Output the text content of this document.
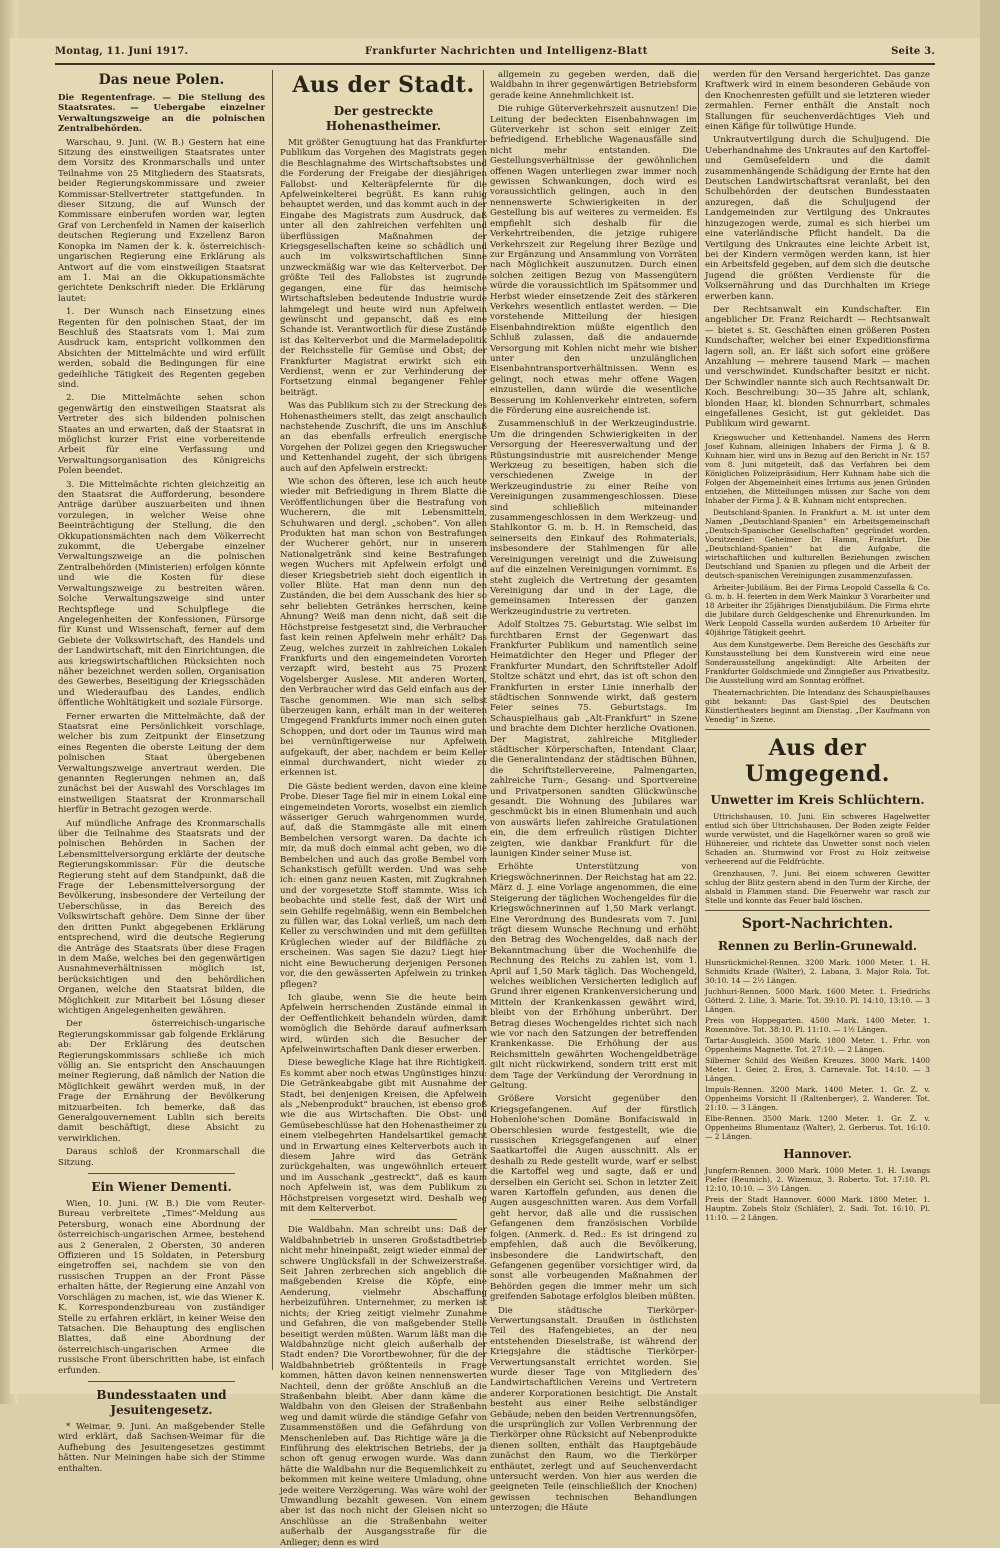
Montag, 11. Juni 1917.	Frankfurter Nachrichten und Intelligenz-Blatt	Seite 3.
Das neue Polen.
Die Regentenfrage. — Die Stellung des Staatsrates. — Uebergabe einzelner Verwaltungszweige an die polnischen Zentralbehörden.

Warschau, 9. Juni. (W. B.) Gestern hat eine Sitzung des einstweiligen Staatsrates unter dem Vorsitz des Kronmarschalls und unter Teilnahme von 25 Mitgliedern des Staatsrats, beider Regierungskommissare und zweier Kommissar-Stellvertreter stattgefunden. In dieser Sitzung, die auf Wunsch der Kommissare einberufen worden war, legten Graf von Lerchenfeld in Namen der kaiserlich deutschen Regierung und Exzellenz Baron Konopka im Namen der k. k. österreichisch-ungarischen Regierung eine Erklärung als Antwort auf die vom einstweiligen Staatsrat am 1. Mai an die Okkupationsmächte gerichtete Denkschrift nieder. Die Erklärung lautet:

1. Der Wunsch nach Einsetzung eines Regenten für den polnischen Staat, der im Beschluß des Staatsrats vom 1. Mai zum Ausdruck kam, entspricht vollkommen den Absichten der Mittelmächte und wird erfüllt werden, sobald die Bedingungen für eine gedeihliche Tätigkeit des Regenten gegeben sind.

2. Die Mittelmächte sehen schon gegenwärtig den einstweiligen Staatsrat als Vertreter des sich bildenden polnischen Staates an und erwarten, daß der Staatsrat in möglichst kurzer Frist eine vorbereitende Arbeit für eine Verfassung und Verwaltungsorganisation des Königreichs Polen beendet.

3. Die Mittelmächte richten gleichzeitig an den Staatsrat die Aufforderung, besondere Anträge darüber auszuarbeiten und ihnen vorzulegen, in welcher Weise ohne Beeinträchtigung der Stellung, die den Okkupationsmächten nach dem Völkerrecht zukommt, die Uebergabe einzelner Verwaltungszweige an die polnischen Zentralbehörden (Ministerien) erfolgen könnte und wie die Kosten für diese Verwaltungszweige zu bestreiten wären. Solche Verwaltungszweige sind unter Rechtspflege und Schulpflege die Angelegenheiten der Konfessionen, Fürsorge für Kunst und Wissenschaft, ferner auf dem Gebiete der Volkswirtschaft, des Handels und der Landwirtschaft, mit den Einrichtungen, die aus kriegswirtschaftlichen Rücksichten noch näher bezeichnet werden sollen, Organisation des Gewerbes, Beseitigung der Kriegsschäden und Wiederaufbau des Landes, endlich öffentliche Wohltätigkeit und soziale Fürsorge.

Ferner erwarten die Mittelmächte, daß der Staatsrat eine Persönlichkeit vorschlage, welcher bis zum Zeitpunkt der Einsetzung eines Regenten die oberste Leitung der dem polnischen Staat übergebenen Verwaltungszweige anvertraut werden. Die genannten Regierungen nehmen an, daß zunächst bei der Auswahl des Vorschlages im einstweiligen Staatsrat der Kronmarschall hierfür in Betracht gezogen werde.

Auf mündliche Anfrage des Kronmarschalls über die Teilnahme des Staatsrats und der polnischen Behörden in Sachen der Lebensmittelversorgung erklärte der deutsche Regierungskommissar: Für die deutsche Regierung steht auf dem Standpunkt, daß die Frage der Lebensmittelversorgung der Bevölkerung, insbesondere der Verteilung der Ueberschüsse, in das Bereich des Volkswirtschaft gehöre. Dem Sinne der über den dritten Punkt abgegebenen Erklärung entsprechend, wird die deutsche Regierung die Anträge des Staatsrats über diese Fragen in dem Maße, welches bei den gegenwärtigen Ausnahmeverhältnissen möglich ist, berücksichtigen und den behördlichen Organen, welche den Staatsrat bilden, die Möglichkeit zur Mitarbeit bei Lösung dieser wichtigen Angelegenheiten gewähren.

Der österreichisch-ungarische Regierungskommissar gab folgende Erklärung ab: Der Erklärung des deutschen Regierungskommissars schließe ich mich völlig an. Sie entspricht den Anschauungen meiner Regierung, daß nämlich der Nation die Möglichkeit gewährt werden muß, in der Frage der Ernährung der Bevölkerung mitzuarbeiten. Ich bemerke, daß das Generalgouvernement Lublin sich bereits damit beschäftigt, diese Absicht zu verwirklichen.

Daraus schloß der Kronmarschall die Sitzung.

Ein Wiener Dementi.

Wien, 10. Juni. (W. B.) Die vom Reuter-Bureau verbreitete „Times“-Meldung aus Petersburg, wonach eine Abordnung der österreichisch-ungarischen Armee, bestehend aus 2 Generalen, 2 Obersten, 30 anderen Offizieren und 15 Soldaten, in Petersburg eingetroffen sei, nachdem sie von den russischen Truppen an der Front Pässe erhalten hätte, der Regierung eine Anzahl von Vorschlägen zu machen, ist, wie das Wiener K. K. Korrespondenzbureau von zuständiger Stelle zu erfahren erklärt, in keiner Weise den Tatsachen. Die Behauptung des englischen Blattes, daß eine Abordnung der österreichisch-ungarischen Armee die russische Front überschritten habe, ist einfach erfunden.

Bundesstaaten und Jesuitengesetz.

* Weimar, 9. Juni. An maßgebender Stelle wird erklärt, daß Sachsen-Weimar für die Aufhebung des Jesuitengesetzes gestimmt hätten. Nur Meiningen habe sich der Stimme enthalten.

Aus der Stadt.
Der gestreckte Hohenastheimer.

Mit größter Genugtuung hat das Frankfurter Publikum das Vorgehen des Magistrats gegen die Beschlagnahme des Wirtschaftsobstes und die Forderung der Freigabe der diesjährigen Fallobst- und Kelteräpfelernte für die Apfelweinkelterei begrüßt. Es kann ruhig behauptet werden, und das kommt auch in der Eingabe des Magistrats zum Ausdruck, daß unter all den zahlreichen verfehlten und überflüssigen Maßnahmen der Kriegsgesellschaften keine so schädlich und auch im volkswirtschaftlichen Sinne unzweckmäßig war wie das Kelterverbot. Der größte Teil des Fallobstes ist zugrunde gegangen, eine für das heimische Wirtschaftsleben bedeutende Industrie wurde lahmgelegt und heute wird nun Apfelwein gewünscht und gepanscht, daß es eine Schande ist. Verantwortlich für diese Zustände ist das Kelterverbot und die Marmeladepolitik der Reichsstelle für Gemüse und Obst; der Frankfurter Magistrat erwirkt sich ein Verdienst, wenn er zur Verhinderung der Fortsetzung einmal begangener Fehler beiträgt.

Was das Publikum sich zu der Streckung des Hohenastheimers stellt, das zeigt anschaulich nachstehende Zuschrift, die uns im Anschluß an das ebenfalls erfreulich energische Vorgehen der Polizei gegen den Kriegswucher und Kettenhandel zugeht, der sich übrigens auch auf den Apfelwein erstreckt:

Wie schon des öfteren, lese ich auch heute wieder mit Befriedigung in Ihrem Blatte die Veröffentlichungen über die Bestrafung von Wucherern, die mit Lebensmitteln, Schuhwaren und dergl. „schoben“. Von allen Produkten hat man schon von Bestrafungen der Wucherer gehört, nur in unserem Nationalgetränk sind keine Bestrafungen wegen Wuchers mit Apfelwein erfolgt und dieser Kriegsbetrieb sieht doch eigentlich in voller Blüte. Hat man denn nun den Zuständen, die bei dem Ausschank des hier so sehr beliebten Getränkes herrschen, keine Ahnung? Weiß man denn nicht, daß seit die Höchstpreise festgesetzt sind, die Verbraucher fast kein reinen Apfelwein mehr erhält? Das Zeug, welches zurzeit in zahlreichen Lokalen Frankfurts und den eingemeindeten Vororten verzapft wird, besteht aus 75 Prozent Vogelsberger Auslese. Mit anderen Worten, den Verbraucher wird das Geld einfach aus der Tasche genommen. Wie man sich selbst überzeugen kann, erhält man in der weiteren Umgegend Frankfurts immer noch einen guten Schoppen, und dort oder im Taunus wird man bei vernünftigerweise nur Apfelwein aufgekauft, der aber, nachdem er beim Keller einmal durchwandert, nicht wieder zu erkennen ist.

Die Gäste bedient werden, davon eine kleine Probe. Dieser Tage fiel mir in einem Lokal eine eingemeindeten Vororts, woselbst ein ziemlich wässeriger Geruch wahrgenommen wurde, auf, daß die Stammgäste alle mit einem Bembelchen versorgt waren. Da dachte ich mir, da muß doch einmal acht geben, wo die Bembelchen und auch das große Bembel vom Schankstisch gefüllt werden. Und was sehe ich: einen ganz neuen Kasten, mit Zugkrahnen und der vorgesetzte Stoff stammte. Wiss ich beobachte und stelle fest, daß der Wirt und sein Gehilfe regelmäßig, wenn ein Bembelchen zu füllen war, das Lokal verließ, um nach dem Keller zu verschwinden und mit dem gefüllten Krüglechen wieder auf der Bildfläche zu erscheinen. Was sagen Sie dazu? Liegt hier nicht eine Bewucherung derjenigen Personen vor, die den gewässerten Apfelwein zu trinken pflegen?

Ich glaube, wenn Sie die heute beim Apfelwein herrschenden Zustände einmal in der Oeffentlichkeit behandeln würden, damit womöglich die Behörde darauf aufmerksam wird, würden sich die Besucher der Apfelweinwirtschaften Dank dieser erwerben.

Diese bewegliche Klage hat ihre Richtigkeit. Es kommt aber noch etwas Ungünstiges hinzu: Die Getränkeabgabe gibt mit Ausnahme der Stadt, bei denjenigen Kreisen, die Apfelwein als „Nebenprodukt“ brauchen, ist ebenso groß wie die aus Wirtschaften. Die Obst- und Gemüsebeschlüsse hat den Hohenastheimer zu einem vielbegehrten Handelsartikel gemacht und in Erwartung eines Kelterverbots auch in diesem Jahre wird das Getränk zurückgehalten, was ungewöhnlich erteuert und im Ausschank „gestreckt“, daß es kaum noch Apfelwein ist, was dem Publikum zu Höchstpreisen vorgesetzt wird. Deshalb weg mit dem Kelterverbot.

Die Waldbahn. Man schreibt uns: Daß der Waldbahnbetrieb in unseren Großstadtbetrieb nicht mehr hineinpaßt, zeigt wieder einmal der schwere Unglücksfall in der Schweizerstraße. Seit Jahren zerbrechen sich angeblich die maßgebenden Kreise die Köpfe, eine Aenderung, vielmehr Abschaffung herbeizuführen. Unternehmer, zu merken ist nichts; der Krieg zeitigt vielmehr Zunahme und Gefahren, die von maßgebender Stelle beseitigt werden müßten. Warum läßt man die Waldbahnzüge nicht gleich außerhalb der Stadt enden? Die Vorortbewohner, für die der Waldbahnbetrieb größtenteils in Frage kommen, hätten davon keinen nennenswerten Nachteil, denn der größte Anschluß an die Straßenbahn bleibt. Aber dann käme die Waldbahn von den Gleisen der Straßenbahn weg und damit würde die ständige Gefahr von Zusammenstößen und die Gefährdung von Menschenleben auf. Das Richtige wäre ja die Einführung des elektrischen Betriebs, der ja schon oft genug erwogen wurde. Was dann hätte die Waldbahn nur die Bequemlichkeit zu bekommen mit keine weitere Umladung, ohne jede weitere Verzögerung. Was wäre wohl der Umwandlung bezahlt gewesen. Von einem aber ist das noch nicht der Gleisen nicht so Anschlüsse an die Straßenbahn weiter außerhalb der Ausgangsstraße für die Anlieger; denn es wird

allgemein zu gegeben werden, daß die Waldbahn in ihrer gegenwärtigen Betriebsform gerade keine Annehmlichkeit ist.

Die ruhige Güterverkehrszeit ausnutzen! Die Leitung der bedeckten Eisenbahnwagen im Güterverkehr ist schon seit einiger Zeit befriedigend. Erhebliche Wagenausfälle sind nicht mehr entstanden. Die Gestellungsverhältnisse der gewöhnlichen offenen Wagen unterliegen zwar immer noch gewissen Schwankungen, doch wird es voraussichtlich gelingen, auch in den nennenswerte Schwierigkeiten in der Gestellung bis auf weiteres zu vermeiden. Es empfiehlt sich deshalb für die Verkehrtreibenden, die jetzige ruhigere Verkehrszeit zur Regelung ihrer Bezüge und zur Ergänzung und Ansammlung von Vorräten nach Möglichkeit auszunutzen. Durch einen solchen zeitigen Bezug von Massengütern würde die voraussichtlich im Spätsommer und Herbst wieder einsetzende Zeit des stärkeren Verkehrs wesentlich entlastet werden. — Die vorstehende Mitteilung der hiesigen Eisenbahndirektion müßte eigentlich den Schluß zulassen, daß die andauernde Versorgung mit Kohlen nicht mehr wie bisher unter den unzulänglichen Eisenbahntransportverhältnissen. Wenn es gelingt, noch etwas mehr offene Wagen einzustellen, dann würde die wesentliche Besserung im Kohlenverkehr eintreten, sofern die Förderung eine ausreichende ist.

Zusammenschluß in der Werkzeugindustrie. Um die dringenden Schwierigkeiten in der Versorgung der Heeresverwaltung und der Rüstungsindustrie mit ausreichender Menge Werkzeug zu beseitigen, haben sich die verschiedenen Zweige in der Werkzeugindustrie zu einer Reihe von Vereinigungen zusammengeschlossen. Diese sind schließlich miteinander zusammengeschlossen in dem Werkzeug- und Stahlkontor G. m. b. H. in Remscheid, das seinerseits den Einkauf des Rohmaterials, insbesondere der Stahlmengen für alle Vereinigungen vereinigt und die Zuweisung auf die einzelnen Vereinigungen vornimmt. Es steht zugleich die Vertretung der gesamten Vereinigung dar und in der Lage, die gemeinsamen Interessen der ganzen Werkzeugindustrie zu vertreten.

Adolf Stoltzes 75. Geburtstag. Wie selbst im furchtbaren Ernst der Gegenwart das Frankfurter Publikum und namentlich seine Heimatdichter den Heger und Pfleger der Frankfurter Mundart, den Schriftsteller Adolf Stoltze schätzt und ehrt, das ist oft schon den Frankfurten in erster Linie innerhalb der städtischen Sonnwende wirkt, daß gestern Feier seines 75. Geburtstags. Im Schauspielhaus gab „Alt-Frankfurt“ in Szene und brachte dem Dichter herzliche Ovationen. Der Magistrat, zahlreiche Mitglieder städtischer Körperschaften, Intendant Claar, die Generalintendanz der städtischen Bühnen, die Schriftstellervereine, Palmengarten, zahlreiche Turn-, Gesang- und Sportvereine und Privatpersonen sandten Glückwünsche gesandt. Die Wohnung des Jubilares war geschmückt bis in einen Blumenhain und auch von auswärts liefen zahlreiche Gratulationen ein, die dem erfreulich rüstigen Dichter zeigten, wie dankbar Frankfurt für die launigen Kinder seiner Muse ist.

Erhöhte Unterstützung von Kriegswöchnerinnen. Der Reichstag hat am 22. März d. J. eine Vorlage angenommen, die eine Steigerung der täglichen Wochengeldes für die Kriegswöchnerinnen auf 1,50 Mark verlangt. Eine Verordnung des Bundesrats vom 7. Juni trägt diesem Wunsche Rechnung und erhöht den Betrag des Wochengeldes, daß nach der Bekanntmachung über die Wochenhilfe die Rechnung des Reichs zu zahlen ist, vom 1. April auf 1,50 Mark täglich. Das Wochengeld, welches weiblichen Versicherten lediglich auf Grund ihrer eigenen Krankenversicherung und Mitteln der Krankenkassen gewährt wird, bleibt von der Erhöhung unberührt. Der Betrag dieses Wochengeldes richtet sich nach wie vor nach den Satzungen der betreffenden Krankenkasse. Die Erhöhung der aus Reichsmitteln gewährten Wochengeldbeträge gilt nicht rückwirkend, sondern tritt erst mit dem Tage der Verkündung der Verordnung in Geltung.

Größere Vorsicht gegenüber den Kriegsgefangenen. Auf der fürstlich Hohenlohe'schen Domäne Bonifaciswald in Oberschlesien wurde festgestellt, wie die russischen Kriegsgefangenen auf einer Saatkartoffel die Augen ausschnitt. Als er deshalb zu Rede gestellt wurde, warf er selbst die Kartoffel weg und sagte, daß er und derselben ein Gericht sei. Schon in letzter Zeit waren Kartoffeln gefunden, aus denen die Augen ausgeschnitten waren. Aus dem Vorfall geht hervor, daß alle und die russischen Gefangenen dem französischen Vorbilde folgen. (Anmerk. d. Red.: Es ist dringend zu empfehlen, daß auch die Bevölkerung, insbesondere die Landwirtschaft, den Gefangenen gegenüber vorsichtiger wird, da sonst alle vorbeugenden Maßnahmen der Behörden gegen die immer mehr um sich greifenden Sabotage erfolglos bleiben müßten.

Die städtische Tierkörper-Verwertungsanstalt. Draußen in östlichsten Teil des Hafengebietes, an der neu entstehenden Dieselstraße, ist während der Kriegsjahre die städtische Tierkörper-Verwertungsanstalt errichtet worden. Sie wurde dieser Tage von Mitgliedern des Landwirtschaftlichen Vereins und Vertretern anderer Korporationen besichtigt. Die Anstalt besteht aus einer Reihe selbständiger Gebäude; neben den beiden Vertrennungsöfen, die ursprünglich zur Vollen Verbrennung der Tierkörper ohne Rücksicht auf Nebenprodukte dienen sollten, enthält das Hauptgebäude zunächst den Raum, wo die Tierkörper enthäutet, zerlegt und auf Seuchenverdacht untersucht werden. Von hier aus werden die geeigneten Teile (einschließlich der Knochen) gewissen technischen Behandlungen unterzogen; die Häute

werden für den Versand hergerichtet. Das ganze Kraftwerk wird in einem besonderen Gebäude von den Knochenresten gefüllt und sie letzteren wieder zermahlen. Ferner enthält die Anstalt noch Stallungen für seuchenverdächtiges Vieh und einen Käfige für tollwütige Hunde.

Unkrautvertilgung durch die Schuljugend. Die Ueberhandnahme des Unkrautes auf den Kartoffel- und Gemüsefeldern und die damit zusammenhängende Schädigung der Ernte hat den Deutschen Landwirtschaftsrat veranlaßt, bei den Schulbehörden der deutschen Bundesstaaten anzuregen, daß die Schuljugend der Landgemeinden zur Vertilgung des Unkrautes hinzugezogen werde, zumal es sich hierbei um eine vaterländische Pflicht handelt. Da die Vertilgung des Unkrautes eine leichte Arbeit ist, bei der Kindern vermögen werden kann, ist hier ein Arbeitsfeld gegeben, auf dem sich die deutsche Jugend die größten Verdienste für die Volksernährung und das Durchhalten im Kriege erwerben kann.

Der Rechtsanwalt ein Kundschafter. Ein angeblicher Dr. Franz Reichardt — Rechtsanwalt — bietet s. St. Geschäften einen größeren Posten Kundschafter, welcher bei einer Expeditionsfirma lagern soll, an. Er läßt sich sofort eine größere Anzahlung — mehrere tausend Mark — machen und verschwindet. Kundschafter besitzt er nicht. Der Schwindler nannte sich auch Rechtsanwalt Dr. Koch. Beschreibung: 30—35 Jahre alt, schlank, blonden Haar, kl. blonden Schnurrbart, schmales eingefallenes Gesicht, ist gut gekleidet. Das Publikum wird gewarnt.

Kriegswucher und Kettenhandel. Namens des Herrn Josef Kuhnam, alleinigen Inhabers der Firma J. & B. Kuhnam hier, wird uns in Bezug auf den Bericht in Nr. 157 vom 8. Juni mitgeteilt, daß das Verfahren bei dem Königlichen Polizeipräsidium, Herr Kuhnam habe sich die Folgen der Abgemeinheit eines Irrtums aus jenen Gründen entziehen, die Mitteilungen müssen zur Sache von dem Inhaber der Firma J. & B. Kuhnam nicht entsprechen.

Deutschland-Spanien. In Frankfurt a. M. ist unter dem Namen „Deutschland-Spanien“ ein Arbeitsgemeinschaft „Deutsch-Spanischer Gesellschaften“ gegründet worden. Vorsitzender: Geheimer Dr. Hamm, Frankfurt. Die „Deutschland-Spanien“ hat die Aufgabe, die wirtschaftlichen und kulturellen Beziehungen zwischen Deutschland und Spanien zu pflegen und die Arbeit der deutsch-spanischen Vereinigungen zusammenzufassen.

Arbeiter-Jubiläum. Bei der Firma Leopold Cassella & Co. G. m. b. H. feierten in dem Werk Mainkur 3 Vorarbeiter und 18 Arbeiter ihr 25jähriges Dienstjubiläum. Die Firma ehrte die Jubilare durch Geldgeschenke und Ehrenurkunden. Im Werk Leopold Cassella wurden außerdem 10 Arbeiter für 40jährige Tätigkeit geehrt.

Aus dem Kunstgewerbe. Dem Bereiche des Geschäfts zur Kunstausstellung bei dem Kunstverein wird eine neue Sonderausstellung angekündigt: Alte Arbeiten der Frankfurter Goldschmiede und Zinngießer aus Privatbesitz. Die Ausstellung wird am Sonntag eröffnet.

Theaternachrichten. Die Intendanz des Schauspielhauses gibt bekannt: Das Gast-Spiel des Deutschen Künstlertheaters beginnt am Dienstag. „Der Kaufmann von Venedig“ in Szene.

Aus der Umgegend.
Unwetter im Kreis Schlüchtern.

Uttrichshausen, 10. Juni. Ein schweres Hagelwetter entlud sich über Uttrichshausen. Der Boden zeigte Felder wurde verwüstet, und die Hagelkörner waren so groß wie Hühnereier, und richtete das Unwetter sonst noch vielen Schaden an. Sturmwind vor Frost zu Holz zeitweise verheerend auf die Feldfrüchte.

Grenzhausen, 7. Juni. Bei einem schweren Gewitter schlug der Blitz gestern abend in den Turm der Kirche, der alsbald in Flammen stand. Die Feuerwehr war rasch zur Stelle und konnte das Feuer bald löschen.

Sport-Nachrichten.
Rennen zu Berlin-Grunewald.

Hunsrückmichel-Rennen. 3200 Mark. 1000 Meter. 1. H. Schmidts Kriade (Walter), 2. Labana, 3. Major Rola. Tot. 30:10. 14 — 2½ Längen.

Juchhuri-Rennen. 5000 Mark. 1600 Meter. 1. Friedrichs Götterd. 2. Lilie, 3. Marie. Tot. 39:10. Pl. 14:10, 13:10. — 3 Längen.

Preis von Hoppegarten. 4500 Mark. 1400 Meter. 1. Rosenmöve. Tot. 38:10. Pl. 11:10. — 1½ Längen.

Tartar-Ausgleich. 3500 Mark. 1800 Meter. 1. Frhr. von Oppenheims Magnette. Tot. 27:10. — 2 Längen.

Silberner Schild des Weißen Kreuzes. 3000 Mark. 1400 Meter. 1. Geier, 2. Eros, 3. Carnevale. Tot. 14:10. — 3 Längen.

Impuls-Rennen. 3200 Mark. 1400 Meter. 1. Gr. Z. v. Oppenheims Vorsicht II (Raltenberger), 2. Wanderer. Tot. 21:10. — 3 Längen.

Elbe-Rennen. 3500 Mark. 1200 Meter. 1. Gr. Z. v. Oppenheims Blumentanz (Walter), 2. Gerberus. Tot. 16:10. — 2 Längen.

Hannover.

Jungfern-Rennen. 3000 Mark. 1000 Meter. 1. H. Lwangs Piefer (Reumich), 2. Wizemuz, 3. Roberto. Tot. 17:10. Pl. 12:10, 10:10. — 3½ Längen.

Preis der Stadt Hannover. 6000 Mark. 1800 Meter. 1. Hauptm. Zobels Stolz (Schläfer), 2. Sadi. Tot. 16:10. Pl. 11:10. — 2 Längen.
